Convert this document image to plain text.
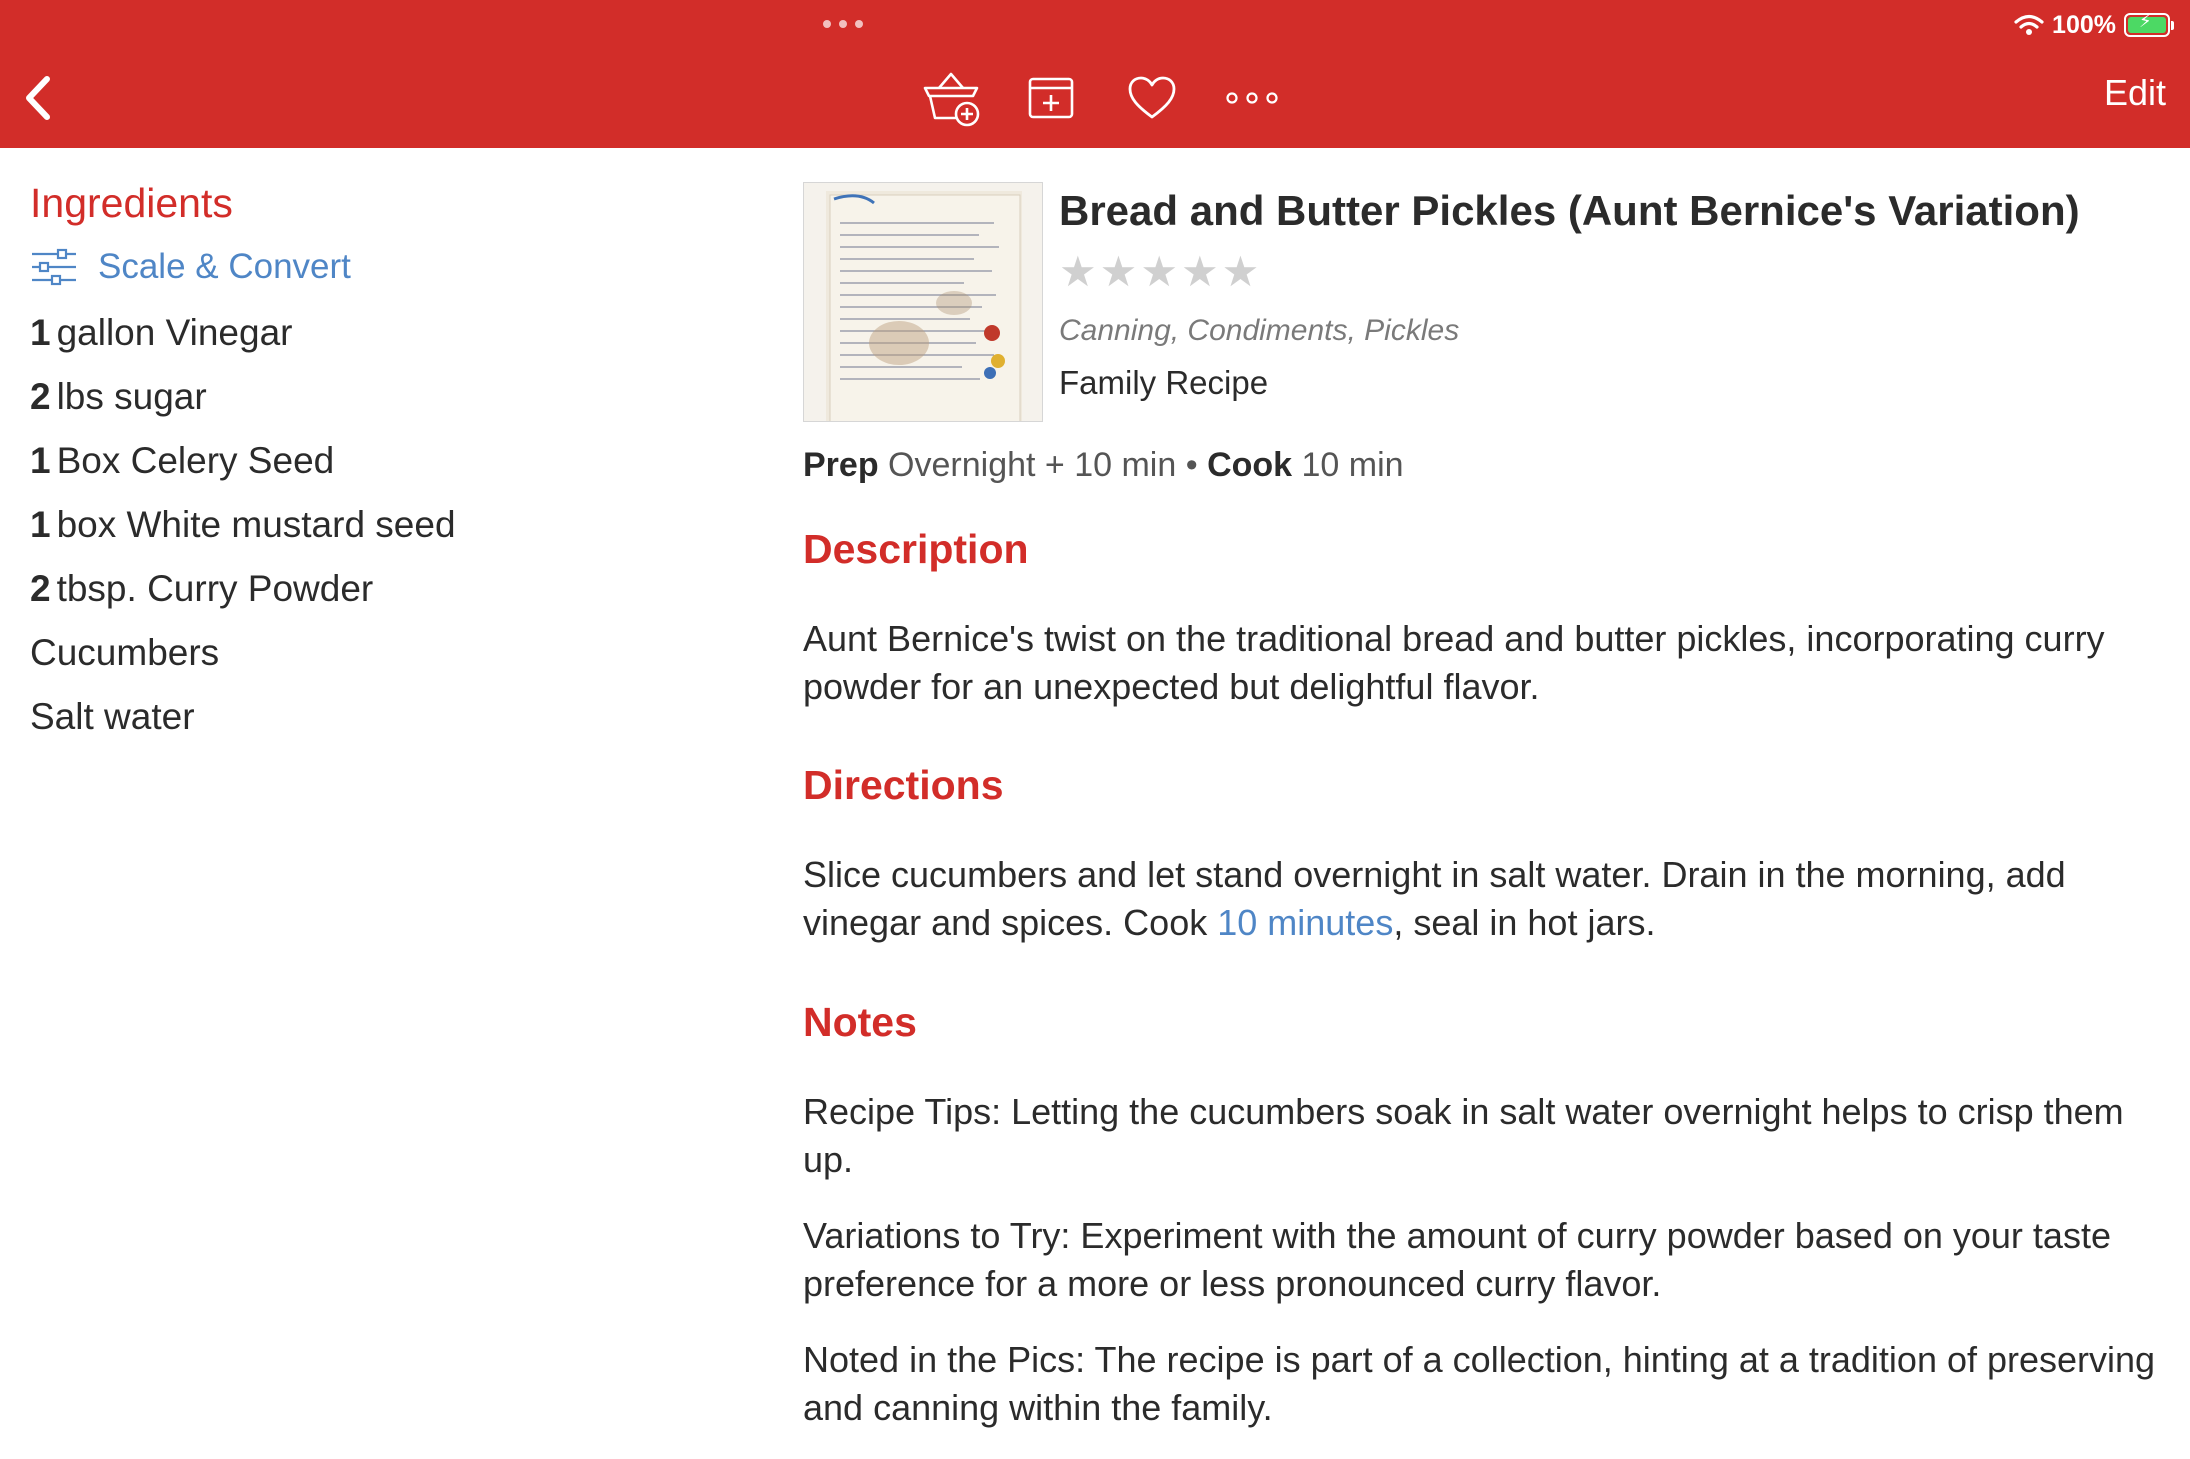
100%
⚡
Edit
Ingredients
Scale & Convert
1 gallon Vinegar
2 lbs sugar
1 Box Celery Seed
1 box White mustard seed
2 tbsp. Curry Powder
Cucumbers
Salt water
Bread and Butter Pickles (Aunt Bernice's Variation)
★ ★ ★ ★ ★
Canning, Condiments, Pickles
Family Recipe
Prep Overnight + 10 min • Cook 10 min
Description

Aunt Bernice's twist on the traditional bread and butter pickles, incorporating curry powder for an unexpected but delightful flavor.

Directions

Slice cucumbers and let stand overnight in salt water. Drain in the morning, add vinegar and spices. Cook 10 minutes, seal in hot jars.

Notes

Recipe Tips: Letting the cucumbers soak in salt water overnight helps to crisp them up.

Variations to Try: Experiment with the amount of curry powder based on your taste preference for a more or less pronounced curry flavor.

Noted in the Pics: The recipe is part of a collection, hinting at a tradition of preserving and canning within the family.
